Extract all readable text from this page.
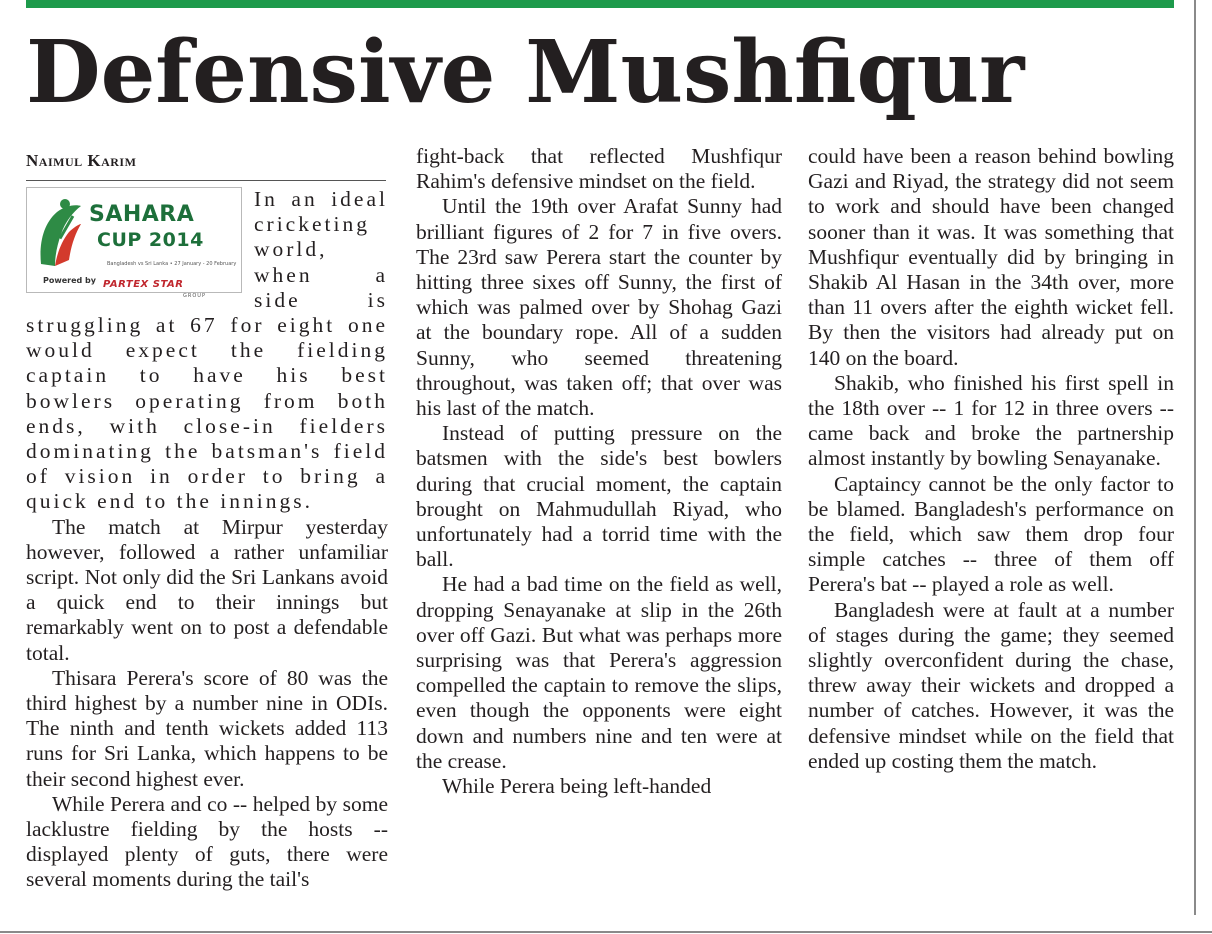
Defensive Mushfiqur
Naimul Karim
SAHARA
CUP 2014
Bangladesh vs Sri Lanka • 27 January - 20 February
Powered by PARTEX STAR
GROUP

In an ideal cricketing world, when a side is struggling at 67 for eight one would expect the fielding captain to have his best bowlers operating from both ends, with close-in fielders dominating the batsman's field of vision in order to bring a quick end to the innings.

The match at Mirpur yesterday however, followed a rather unfamiliar script. Not only did the Sri Lankans avoid a quick end to their innings but remarkably went on to post a defendable total.

Thisara Perera's score of 80 was the third highest by a number nine in ODIs. The ninth and tenth wickets added 113 runs for Sri Lanka, which happens to be their second highest ever.

While Perera and co -- helped by some lacklustre fielding by the hosts -- displayed plenty of guts, there were several moments during the tail's

fight-back that reflected Mushfiqur Rahim's defensive mindset on the field.

Until the 19th over Arafat Sunny had brilliant figures of 2 for 7 in five overs. The 23rd saw Perera start the counter by hitting three sixes off Sunny, the first of which was palmed over by Shohag Gazi at the boundary rope. All of a sudden Sunny, who seemed threatening throughout, was taken off; that over was his last of the match.

Instead of putting pressure on the batsmen with the side's best bowlers during that crucial moment, the captain brought on Mahmudullah Riyad, who unfortunately had a torrid time with the ball.

He had a bad time on the field as well, dropping Senayanake at slip in the 26th over off Gazi. But what was perhaps more surprising was that Perera's aggression compelled the captain to remove the slips, even though the opponents were eight down and numbers nine and ten were at the crease.

While Perera being left-handed

could have been a reason behind bowling Gazi and Riyad, the strategy did not seem to work and should have been changed sooner than it was. It was something that Mushfiqur eventually did by bringing in Shakib Al Hasan in the 34th over, more than 11 overs after the eighth wicket fell. By then the visitors had already put on 140 on the board.

Shakib, who finished his first spell in the 18th over -- 1 for 12 in three overs -- came back and broke the partnership almost instantly by bowling Senayanake.

Captaincy cannot be the only factor to be blamed. Bangladesh's performance on the field, which saw them drop four simple catches -- three of them off Perera's bat -- played a role as well.

Bangladesh were at fault at a number of stages during the game; they seemed slightly overconfident during the chase, threw away their wickets and dropped a number of catches. However, it was the defensive mindset while on the field that ended up costing them the match.
